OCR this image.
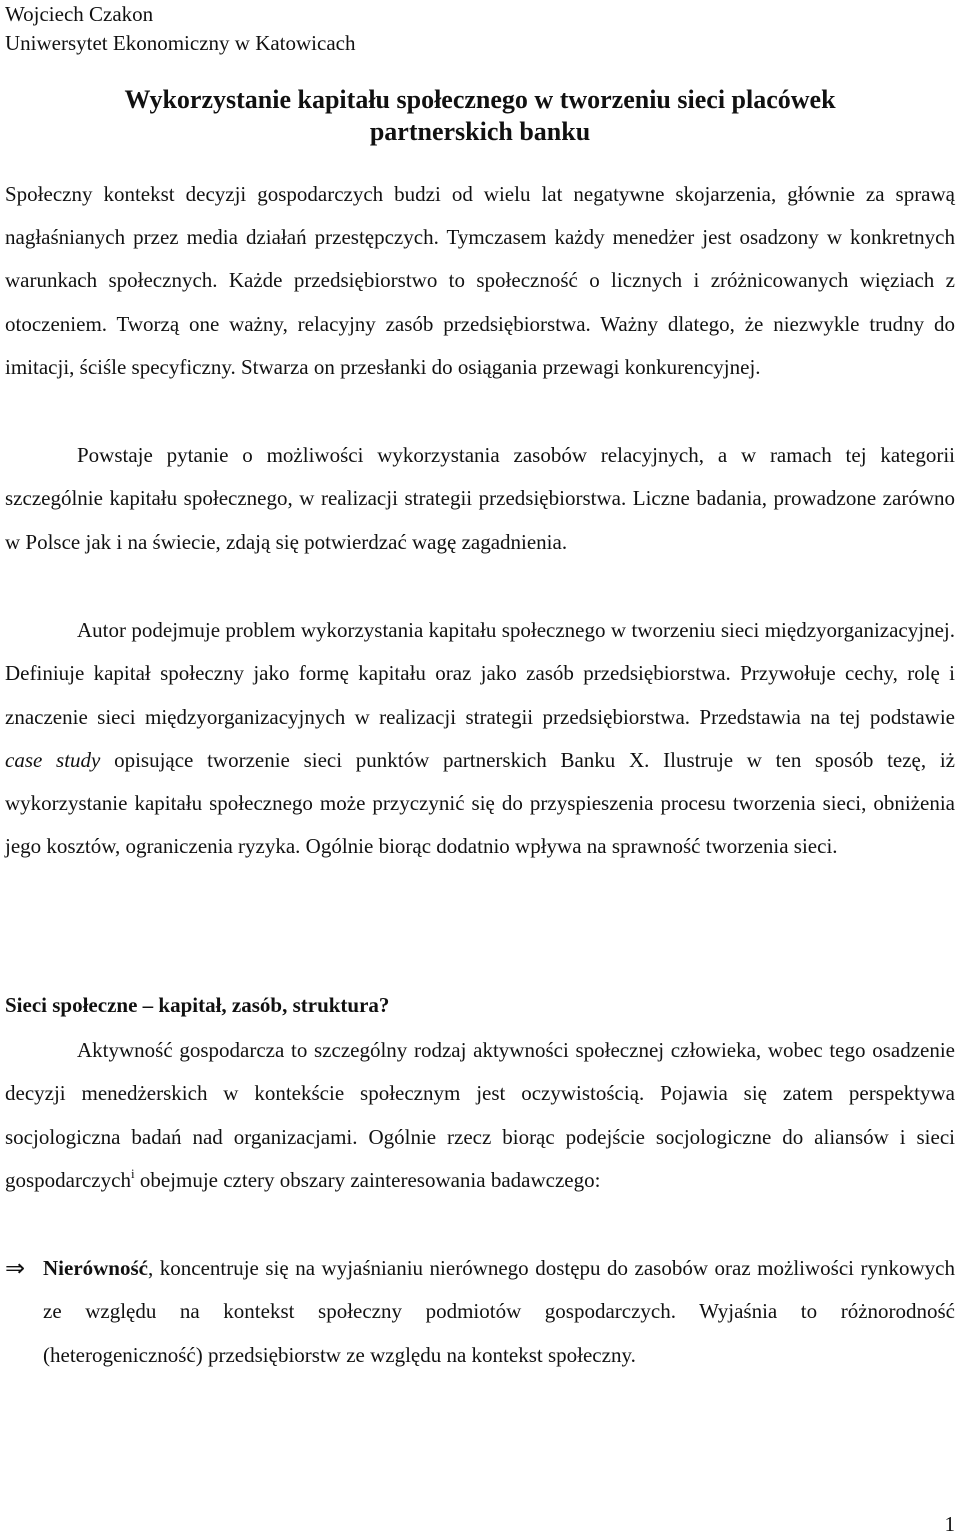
Wojciech Czakon
Uniwersytet Ekonomiczny w Katowicach
Wykorzystanie kapitału społecznego w tworzeniu sieci placówek
partnerskich banku
Społeczny kontekst decyzji gospodarczych budzi od wielu lat negatywne skojarzenia, głównie za sprawą nagłaśnianych przez media działań przestępczych. Tymczasem każdy menedżer jest osadzony w konkretnych warunkach społecznych. Każde przedsiębiorstwo to społeczność o licznych i zróżnicowanych więziach z otoczeniem. Tworzą one ważny, relacyjny zasób przedsiębiorstwa. Ważny dlatego, że niezwykle trudny do imitacji, ściśle specyficzny. Stwarza on przesłanki do osiągania przewagi konkurencyjnej.
Powstaje pytanie o możliwości wykorzystania zasobów relacyjnych, a w ramach tej kategorii szczególnie kapitału społecznego, w realizacji strategii przedsiębiorstwa. Liczne badania, prowadzone zarówno w Polsce jak i na świecie, zdają się potwierdzać wagę zagadnienia.
Autor podejmuje problem wykorzystania kapitału społecznego w tworzeniu sieci międzyorganizacyjnej. Definiuje kapitał społeczny jako formę kapitału oraz jako zasób przedsiębiorstwa. Przywołuje cechy, rolę i znaczenie sieci międzyorganizacyjnych w realizacji strategii przedsiębiorstwa. Przedstawia na tej podstawie case study opisujące tworzenie sieci punktów partnerskich Banku X. Ilustruje w ten sposób tezę, iż wykorzystanie kapitału społecznego może przyczynić się do przyspieszenia procesu tworzenia sieci, obniżenia jego kosztów, ograniczenia ryzyka. Ogólnie biorąc dodatnio wpływa na sprawność tworzenia sieci.
Sieci społeczne – kapitał, zasób, struktura?
Aktywność gospodarcza to szczególny rodzaj aktywności społecznej człowieka, wobec tego osadzenie decyzji menedżerskich w kontekście społecznym jest oczywistością. Pojawia się zatem perspektywa socjologiczna badań nad organizacjami. Ogólnie rzecz biorąc podejście socjologiczne do aliansów i sieci gospodarczych$^i$ obejmuje cztery obszary zainteresowania badawczego:
⇒ Nierówność, koncentruje się na wyjaśnianiu nierównego dostępu do zasobów oraz możliwości rynkowych ze względu na kontekst społeczny podmiotów gospodarczych. Wyjaśnia to różnorodność (heterogeniczność) przedsiębiorstw ze względu na kontekst społeczny.
1
